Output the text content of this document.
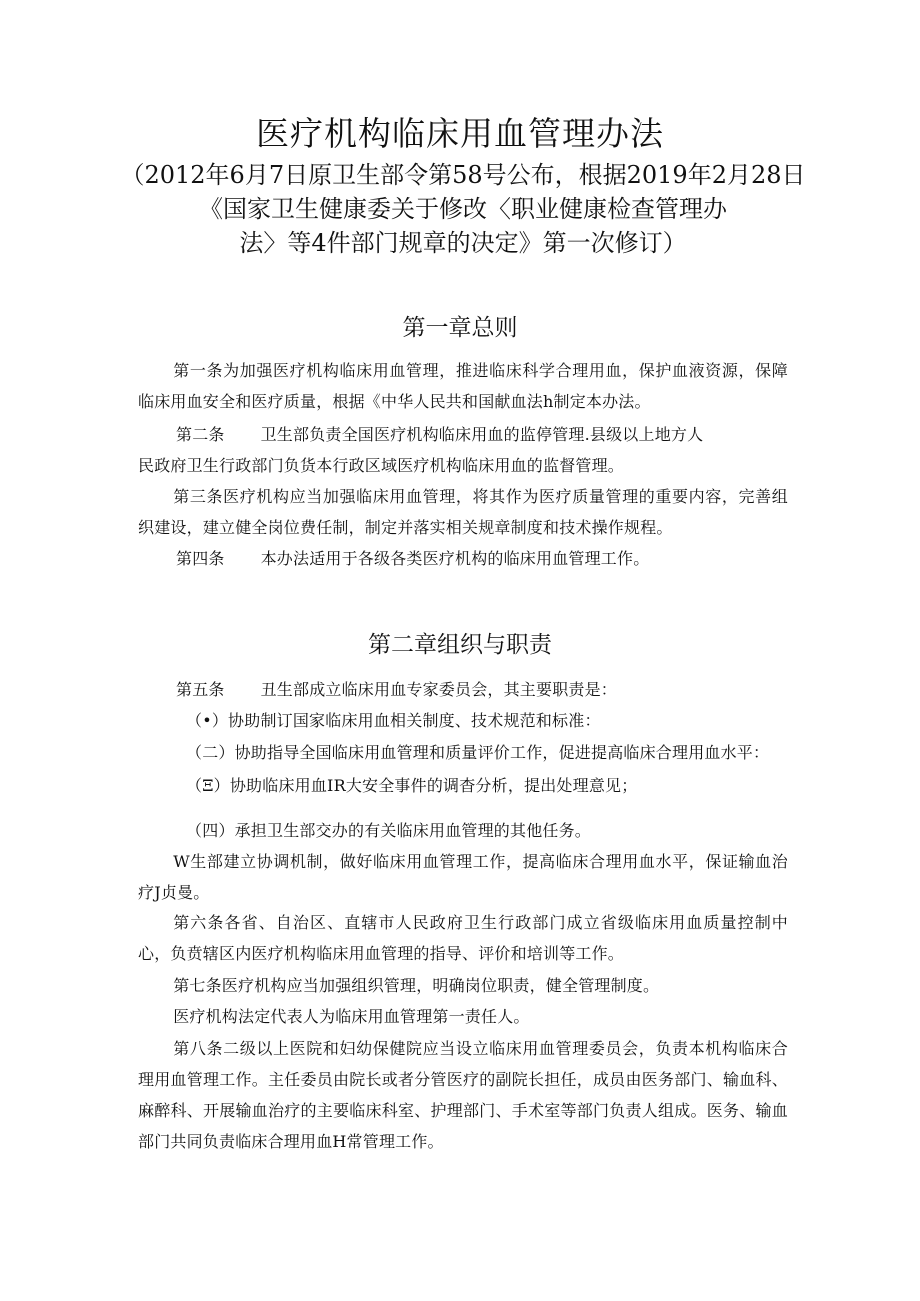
医疗机构临床用血管理办法
（2012年6月7日原卫生部令第58号公布，根据2019年2月28日
《国家卫生健康委关于修改〈职业健康检查管理办
法〉等4件部门规章的决定》第一次修订）
第一章总则

第一条为加强医疗机构临床用血管理，推进临床科学合理用血，保护血液资源，保障临床用血安全和医疗质量，根据《中华人民共和国献血法h制定本办法。

第二条 卫生部负责全国医疗机构临床用血的监停管理.县级以上地方人

民政府卫生行政部门负货本行政区域医疗机构临床用血的监督管理。

第三条医疗机构应当加强临床用血管理，将其作为医疗质量管理的重要内容，完善组织建设，建立健全岗位费任制，制定并落实相关规章制度和技术操作规程。

第四条 本办法适用于各级各类医疗机构的临床用血管理工作。

第二章组织与职责

第五条 丑生部成立临床用血专家委员会，其主要职责是：

（•）协助制订国家临床用血相关制度、技术规范和标准：

（二）协助指导全国临床用血管理和质量评价工作，促进提高临床合理用血水平：

（Ξ）协助临床用血IR大安全事件的调杳分析，提出处理意见；

（四）承担卫生部交办的有关临床用血管理的其他任务。

W生部建立协调机制，做好临床用血管理工作，提高临床合理用血水平，保证输血治疗J贞曼。

第六条各省、自治区、直辖市人民政府卫生行政部门成立省级临床用血质量控制中心，负贲辖区内医疗机构临床用血管理的指导、评价和培训等工作。

第七条医疗机构应当加强组织管理，明确岗位职责，健全管理制度。

医疗机构法定代表人为临床用血管理第一责任人。

第八条二级以上医院和妇幼保健院应当设立临床用血管理委员会，负责本机构临床合理用血管理工作。主任委员由院长或者分管医疗的副院长担任，成员由医务部门、输血科、麻醉科、开展输血治疗的主要临床科室、护理部门、手术室等部门负责人组成。医务、输血部门共同负责临床合理用血H常管理工作。
